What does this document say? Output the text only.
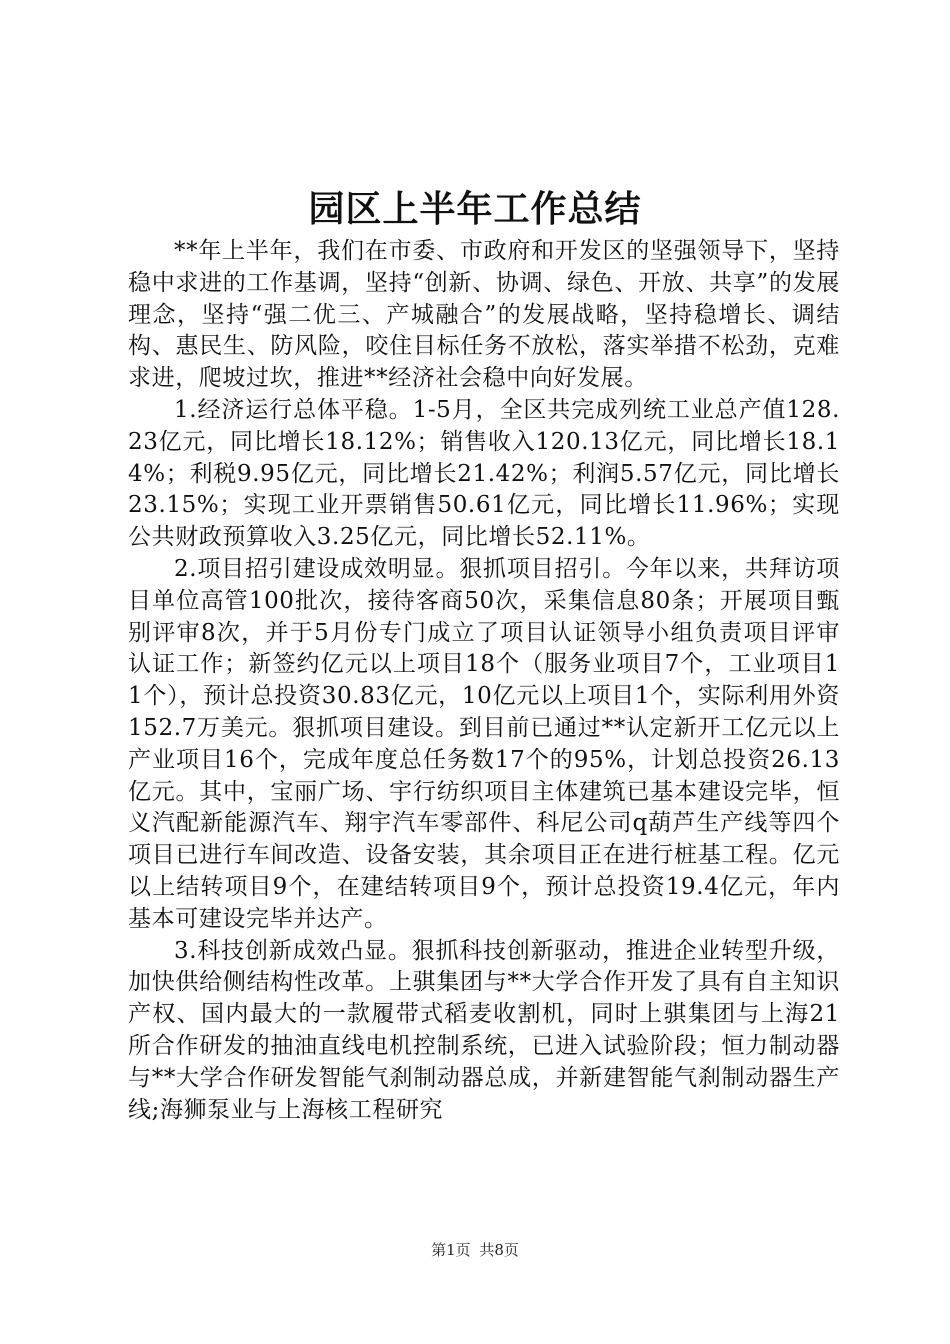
园区上半年工作总结

**年上半年，我们在市委、市政府和开发区的坚强领导下，坚持稳中求进的工作基调，坚持“创新、协调、绿色、开放、共享”的发展理念，坚持“强二优三、产城融合”的发展战略，坚持稳增长、调结构、惠民生、防风险，咬住目标任务不放松，落实举措不松劲，克难求进，爬坡过坎，推进**经济社会稳中向好发展。

1.经济运行总体平稳。1-5月，全区共完成列统工业总产值128.23亿元，同比增长18.12%；销售收入120.13亿元，同比增长18.14%；利税9.95亿元，同比增长21.42%；利润5.57亿元，同比增长23.15%；实现工业开票销售50.61亿元，同比增长11.96%；实现公共财政预算收入3.25亿元，同比增长52.11%。

2.项目招引建设成效明显。狠抓项目招引。今年以来，共拜访项目单位高管100批次，接待客商50次，采集信息80条；开展项目甄别评审8次，并于5月份专门成立了项目认证领导小组负责项目评审认证工作；新签约亿元以上项目18个（服务业项目7个，工业项目11个），预计总投资30.83亿元，10亿元以上项目1个，实际利用外资152.7万美元。狠抓项目建设。到目前已通过**认定新开工亿元以上产业项目16个，完成年度总任务数17个的95%，计划总投资26.13亿元。其中，宝丽广场、宇行纺织项目主体建筑已基本建设完毕，恒义汽配新能源汽车、翔宇汽车零部件、科尼公司q葫芦生产线等四个项目已进行车间改造、设备安装，其余项目正在进行桩基工程。亿元以上结转项目9个，在建结转项目9个，预计总投资19.4亿元，年内基本可建设完毕并达产。

3.科技创新成效凸显。狠抓科技创新驱动，推进企业转型升级，加快供给侧结构性改革。上骐集团与**大学合作开发了具有自主知识产权、国内最大的一款履带式稻麦收割机，同时上骐集团与上海21所合作研发的抽油直线电机控制系统，已进入试验阶段；恒力制动器与**大学合作研发智能气刹制动器总成，并新建智能气刹制动器生产线;海狮泵业与上海核工程研究

第1页 共8页
